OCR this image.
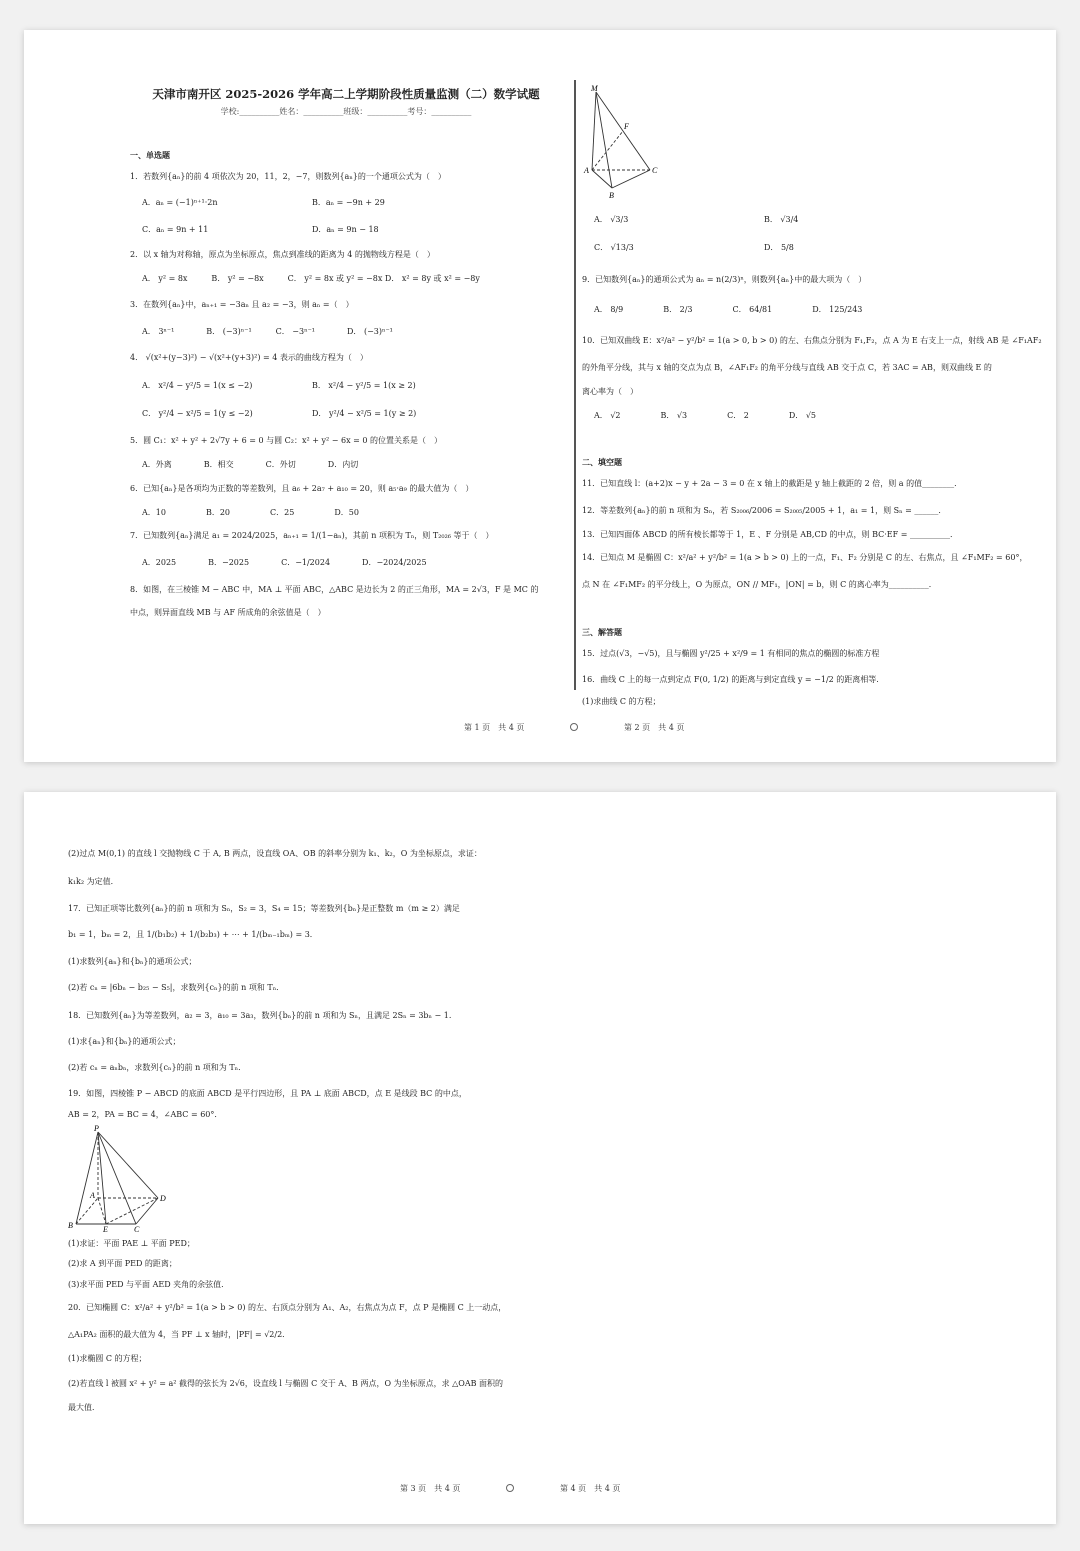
天津市南开区 2025-2026 学年高二上学期阶段性质量监测（二）数学试题

学校:__________姓名：__________班级：__________考号：__________
一、单选题
1．若数列{aₙ}的前 4 项依次为 20，11，2，−7，则数列{aₙ}的一个通项公式为（　）
A．aₙ = (−1)ⁿ⁺¹·2n	B．aₙ = −9n + 29
C．aₙ = 9n + 11	D．aₙ = 9n − 18
2．以 x 轴为对称轴，原点为坐标原点，焦点到准线的距离为 4 的抛物线方程是（　）
A． y² = 8x　　　B． y² = −8x　　　C． y² = 8x 或 y² = −8x D． x² = 8y 或 x² = −8y
3．在数列{aₙ}中，aₙ₊₁ = −3aₙ 且 a₂ = −3，则 aₙ =（　）
A． 3ⁿ⁻¹　　　　B． (−3)ⁿ⁻¹　　　C． −3ⁿ⁻¹　　　　D． (−3)ⁿ⁻¹
4． √(x²+(y−3)²) − √(x²+(y+3)²) = 4 表示的曲线方程为（　）
A． x²/4 − y²/5 = 1(x ≤ −2)	B． x²/4 − y²/5 = 1(x ≥ 2)
C． y²/4 − x²/5 = 1(y ≤ −2)	D． y²/4 − x²/5 = 1(y ≥ 2)
5．圆 C₁：x² + y² + 2√7y + 6 = 0 与圆 C₂：x² + y² − 6x = 0 的位置关系是（　）
A．外离　　　　B．相交　　　　C．外切　　　　D．内切
6．已知{aₙ}是各项均为正数的等差数列，且 a₆ + 2a₇ + a₁₀ = 20，则 a₅·a₉ 的最大值为（　）
A．10　　　　　B．20　　　　　C．25　　　　　D．50
7．已知数列{aₙ}满足 a₁ = 2024/2025，aₙ₊₁ = 1/(1−aₙ)，其前 n 项积为 Tₙ，则 T₂₀₂₆ 等于（　）
A．2025　　　　B．−2025　　　　C．−1/2024　　　　D．−2024/2025
8．如图，在三棱锥 M − ABC 中，MA ⊥ 平面 ABC，△ABC 是边长为 2 的正三角形，MA = 2√3，F 是 MC 的
中点，则异面直线 MB 与 AF 所成角的余弦值是（　）
M
F
A
B
C
A． √3/3	B． √3/4
C． √13/3	D． 5/8
9．已知数列{aₙ}的通项公式为 aₙ = n(2/3)ⁿ，则数列{aₙ}中的最大项为（　）
A． 8/9　　　　　B． 2/3　　　　　C． 64/81　　　　　D． 125/243
10．已知双曲线 E：x²/a² − y²/b² = 1(a > 0, b > 0) 的左、右焦点分别为 F₁,F₂，点 A 为 E 右支上一点，射线 AB 是 ∠F₁AF₂
的外角平分线，其与 x 轴的交点为点 B，∠AF₁F₂ 的角平分线与直线 AB 交于点 C，若 3AC = AB，则双曲线 E 的
离心率为（　）
A． √2　　　　　B． √3　　　　　C． 2　　　　　D． √5
二、填空题
11．已知直线 l：(a+2)x − y + 2a − 3 = 0 在 x 轴上的截距是 y 轴上截距的 2 倍，则 a 的值________．
12．等差数列{aₙ}的前 n 项和为 Sₙ，若 S₂₀₀₆/2006 = S₂₀₀₅/2005 + 1，a₁ = 1，则 Sₙ = ______．
13．已知四面体 ABCD 的所有棱长都等于 1，E 、F 分别是 AB,CD 的中点，则 BC·EF = __________．
14．已知点 M 是椭圆 C：x²/a² + y²/b² = 1(a > b > 0) 上的一点，F₁、F₂ 分别是 C 的左、右焦点，且 ∠F₁MF₂ = 60°，
点 N 在 ∠F₁MF₂ 的平分线上，O 为原点，ON // MF₁，|ON| = b，则 C 的离心率为__________．
三、解答题
15．过点(√3，−√5)，且与椭圆 y²/25 + x²/9 = 1 有相同的焦点的椭圆的标准方程
16．曲线 C 上的每一点到定点 F(0, 1/2) 的距离与到定直线 y = −1/2 的距离相等.
(1)求曲线 C 的方程；
第 1 页　共 4 页	第 2 页　共 4 页
(2)过点 M(0,1) 的直线 l 交抛物线 C 于 A, B 两点，设直线 OA、OB 的斜率分别为 k₁、k₂，O 为坐标原点，求证：
k₁k₂ 为定值．
17．已知正项等比数列{aₙ}的前 n 项和为 Sₙ，S₂ = 3，S₄ = 15；等差数列{bₙ}是正整数 m（m ≥ 2）满足
b₁ = 1，bₘ = 2，且 1/(b₁b₂) + 1/(b₂b₃) + ⋯ + 1/(bₘ₋₁bₘ) = 3．
(1)求数列{aₙ}和{bₙ}的通项公式；
(2)若 cₙ = |6bₙ − b₂₅ − S₅|，求数列{cₙ}的前 n 项和 Tₙ．
18．已知数列{aₙ}为等差数列，a₂ = 3，a₁₀ = 3a₃，数列{bₙ}的前 n 项和为 Sₙ，且满足 2Sₙ = 3bₙ − 1.
(1)求{aₙ}和{bₙ}的通项公式；
(2)若 cₙ = aₙbₙ，求数列{cₙ}的前 n 项和为 Tₙ．
19．如图，四棱锥 P − ABCD 的底面 ABCD 是平行四边形，且 PA ⊥ 底面 ABCD，点 E 是线段 BC 的中点，
AB = 2，PA = BC = 4，∠ABC = 60°．
P
A
B	E	C
D
(1)求证：平面 PAE ⊥ 平面 PED；
(2)求 A 到平面 PED 的距离；
(3)求平面 PED 与平面 AED 夹角的余弦值．
20．已知椭圆 C：x²/a² + y²/b² = 1(a > b > 0) 的左、右顶点分别为 A₁、A₂，右焦点为点 F，点 P 是椭圆 C 上一动点，
△A₁PA₂ 面积的最大值为 4，当 PF ⊥ x 轴时，|PF| = √2/2．
(1)求椭圆 C 的方程；
(2)若直线 l 被圆 x² + y² = a² 截得的弦长为 2√6，设直线 l 与椭圆 C 交于 A、B 两点，O 为坐标原点，求 △OAB 面积的
最大值．
第 3 页　共 4 页	第 4 页　共 4 页
